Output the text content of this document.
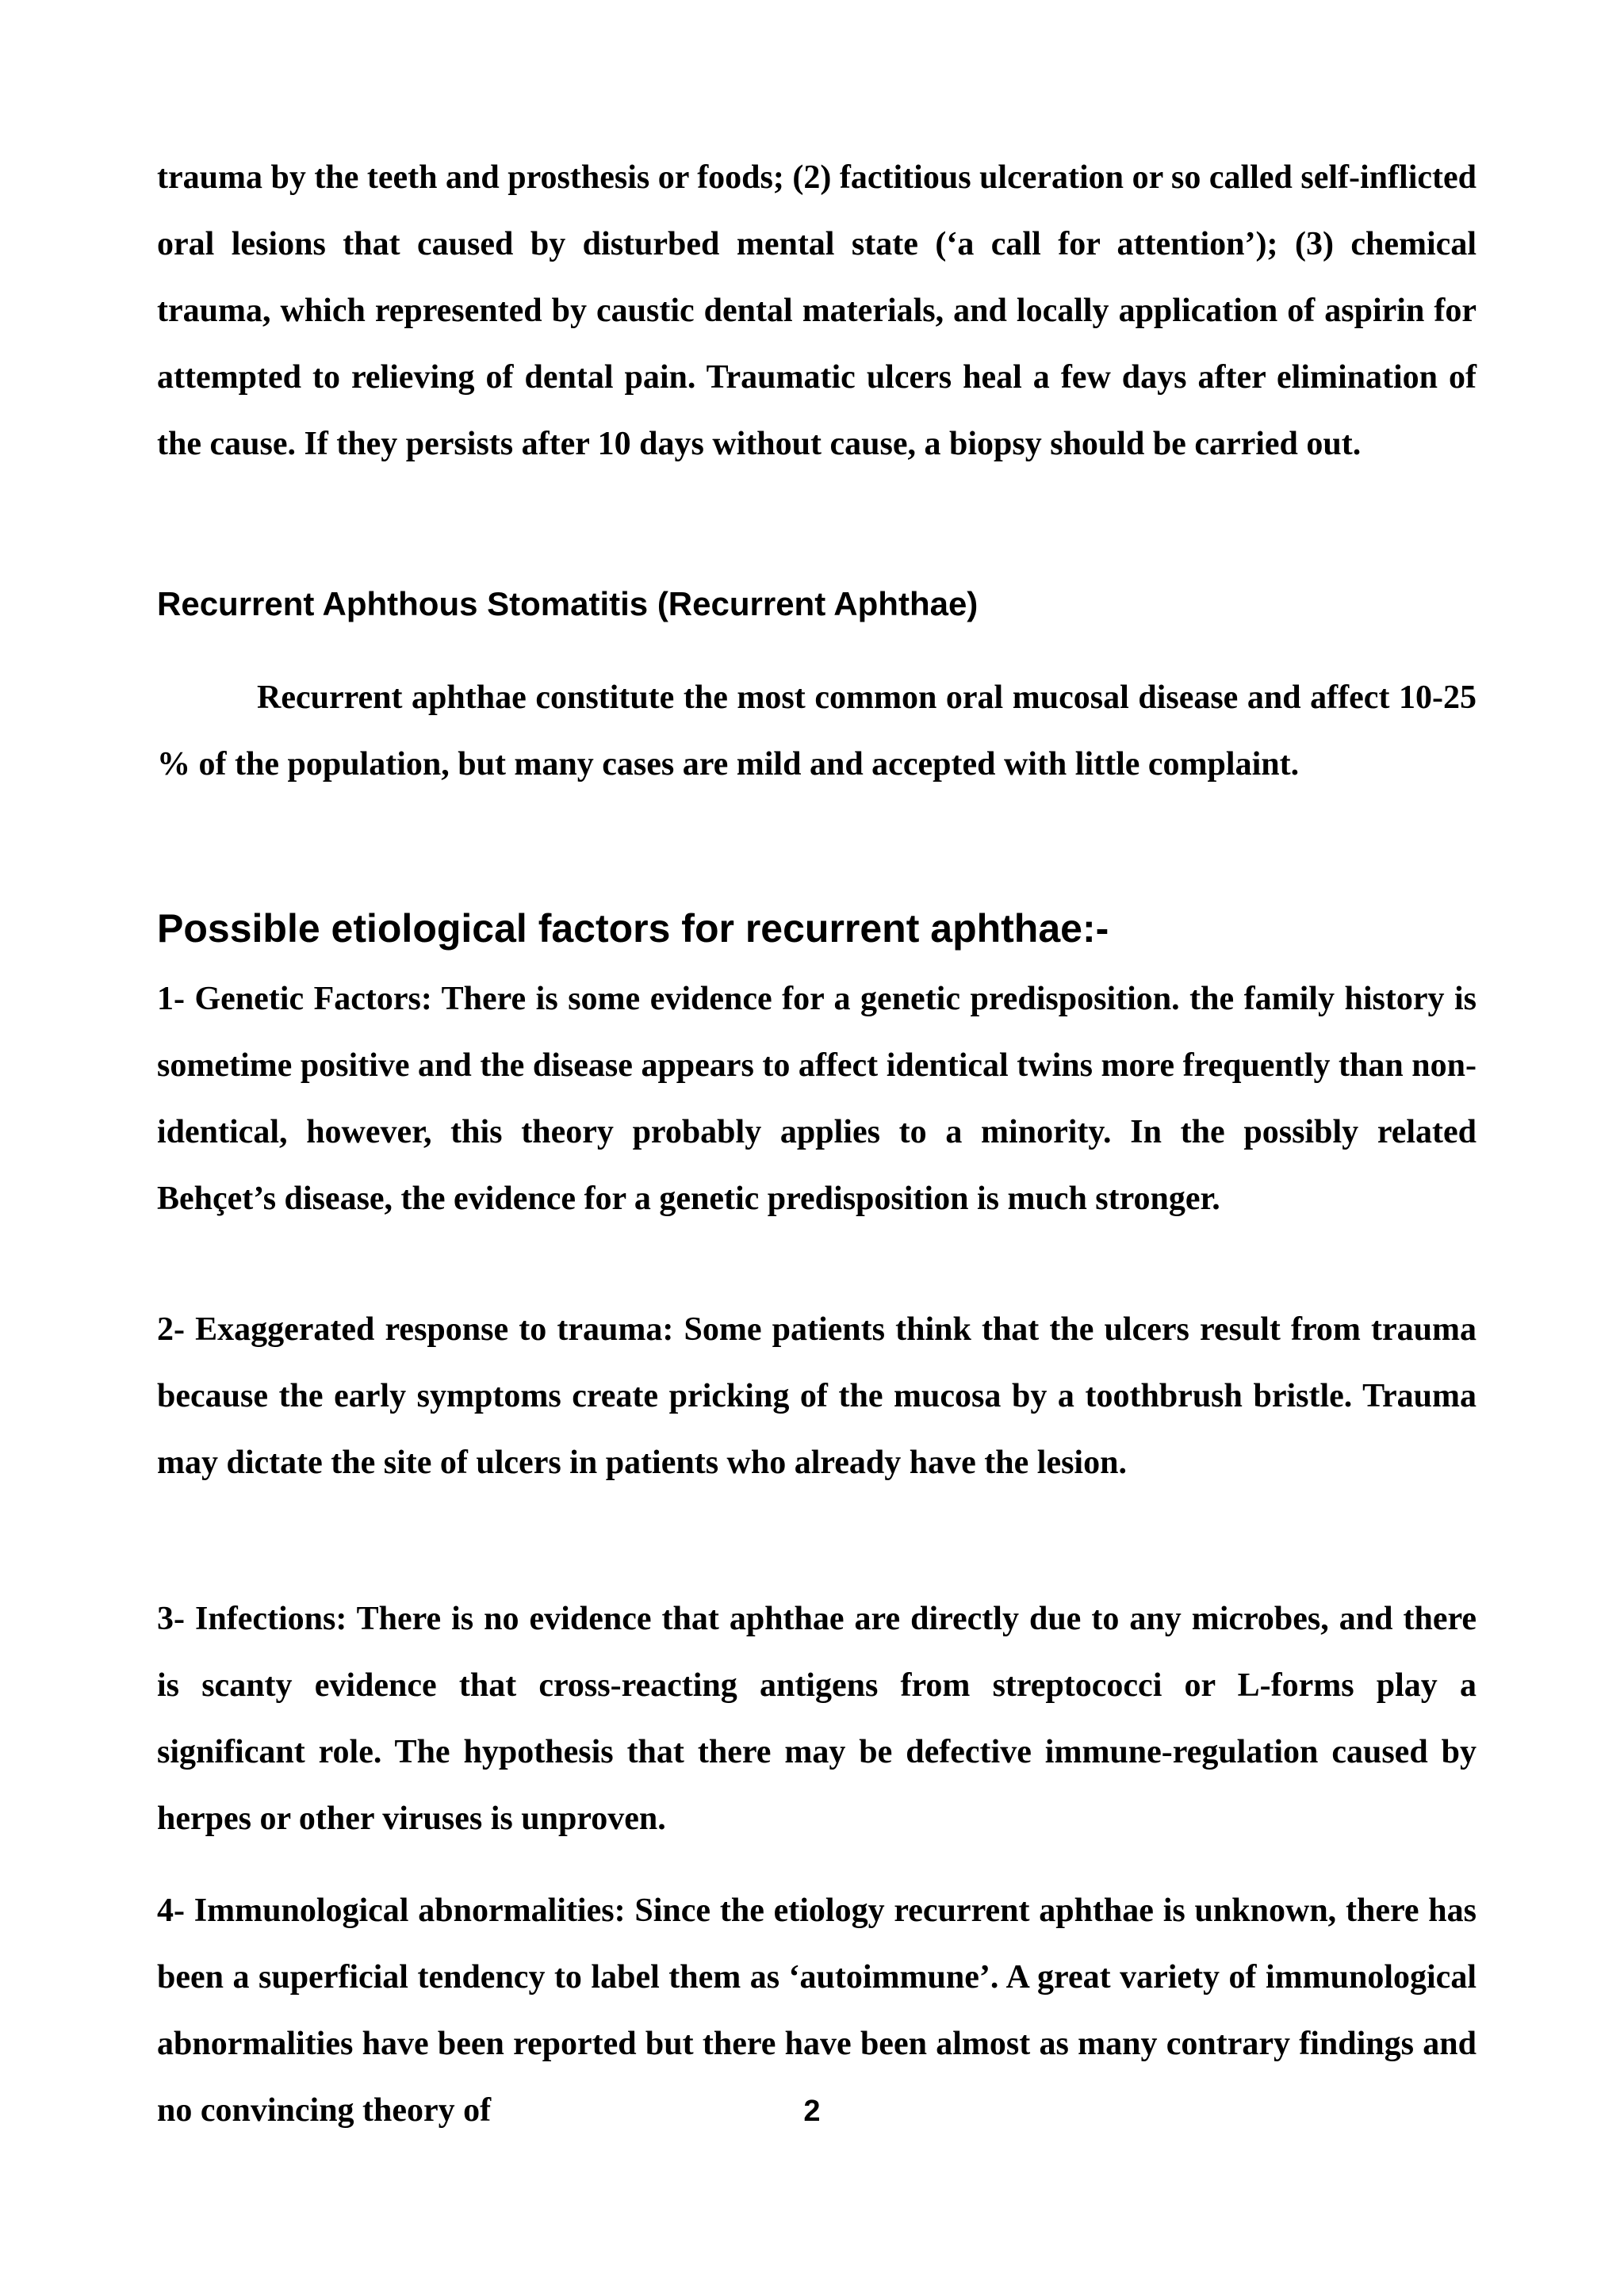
trauma by the teeth and prosthesis or foods; (2) factitious ulceration or so called self-inflicted oral lesions that caused by disturbed mental state (‘a call for attention’); (3) chemical trauma, which represented by caustic dental materials, and locally application of aspirin for attempted to relieving of dental pain. Traumatic ulcers heal a few days after elimination of the cause. If they persists after 10 days without cause, a biopsy should be carried out.

Recurrent Aphthous Stomatitis (Recurrent Aphthae)

Recurrent aphthae constitute the most common oral mucosal disease and affect 10-25 % of the population, but many cases are mild and accepted with little complaint.

Possible etiological factors for recurrent aphthae:-

1- Genetic Factors: There is some evidence for a genetic predisposition. the family history is sometime positive and the disease appears to affect identical twins more frequently than non-identical, however, this theory probably applies to a minority. In the possibly related Behçet’s disease, the evidence for a genetic predisposition is much stronger.

2- Exaggerated response to trauma: Some patients think that the ulcers result from trauma because the early symptoms create pricking of the mucosa by a toothbrush bristle. Trauma may dictate the site of ulcers in patients who already have the lesion.

3- Infections: There is no evidence that aphthae are directly due to any microbes, and there is scanty evidence that cross-reacting antigens from streptococci or L-forms play a significant role. The hypothesis that there may be defective immune-regulation caused by herpes or other viruses is unproven.

4- Immunological abnormalities: Since the etiology recurrent aphthae is unknown, there has been a superficial tendency to label them as ‘autoimmune’. A great variety of immunological abnormalities have been reported but there have been almost as many contrary findings and no convincing theory of	2
